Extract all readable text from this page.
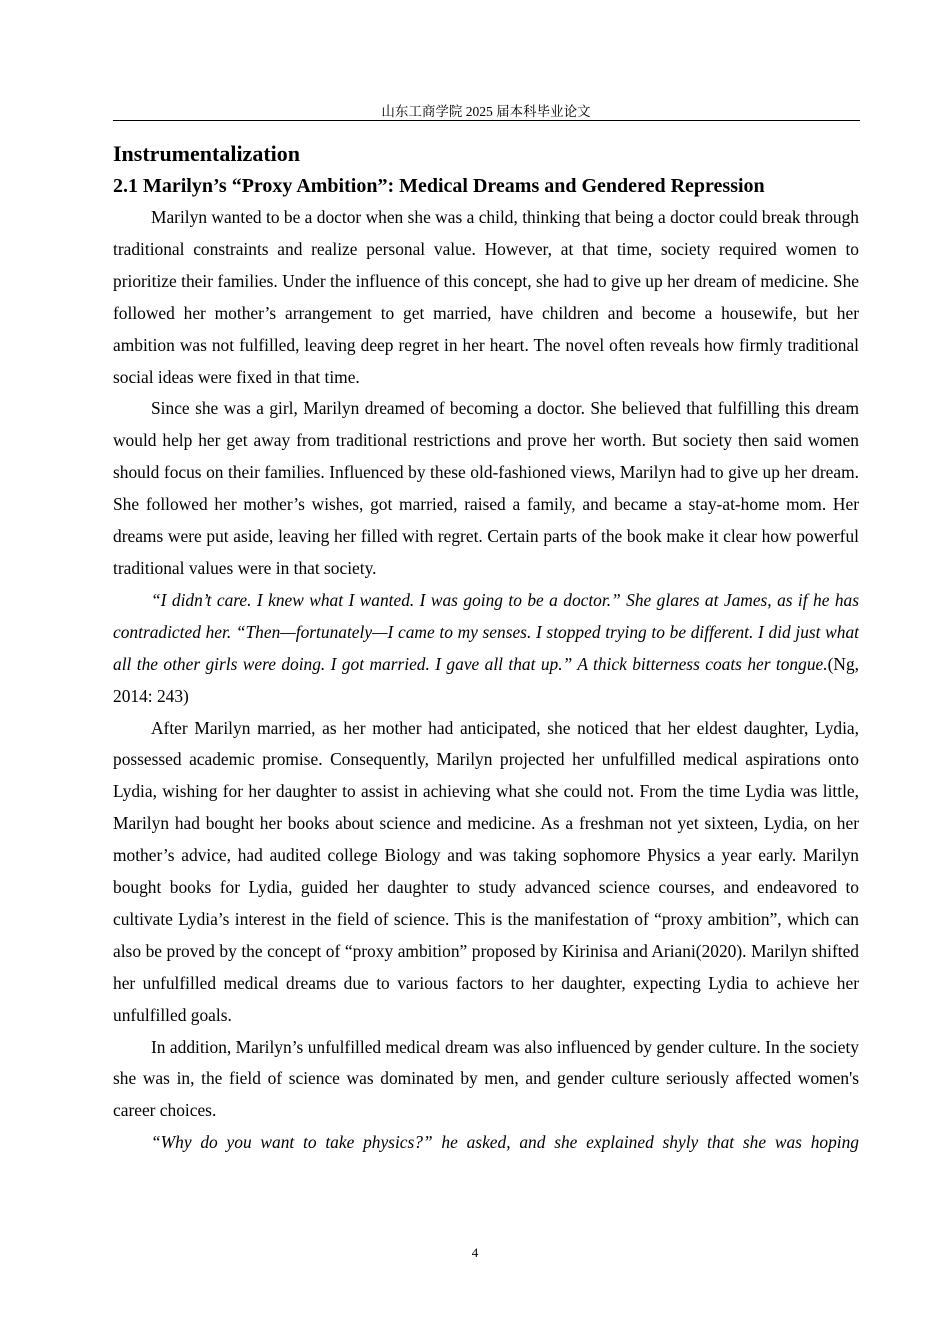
山东工商学院 2025 届本科毕业论文
Instrumentalization
2.1 Marilyn’s “Proxy Ambition”: Medical Dreams and Gendered Repression

Marilyn wanted to be a doctor when she was a child, thinking that being a doctor could break through traditional constraints and realize personal value. However, at that time, society required women to prioritize their families. Under the influence of this concept, she had to give up her dream of medicine. She followed her mother’s arrangement to get married, have children and become a housewife, but her ambition was not fulfilled, leaving deep regret in her heart. The novel often reveals how firmly traditional social ideas were fixed in that time.

Since she was a girl, Marilyn dreamed of becoming a doctor. She believed that fulfilling this dream would help her get away from traditional restrictions and prove her worth. But society then said women should focus on their families. Influenced by these old-fashioned views, Marilyn had to give up her dream. She followed her mother’s wishes, got married, raised a family, and became a stay-at-home mom. Her dreams were put aside, leaving her filled with regret. Certain parts of the book make it clear how powerful traditional values were in that society.

“I didn’t care. I knew what I wanted. I was going to be a doctor.” She glares at James, as if he has contradicted her. “Then—fortunately—I came to my senses. I stopped trying to be different. I did just what all the other girls were doing. I got married. I gave all that up.” A thick bitterness coats her tongue.(Ng, 2014: 243)

After Marilyn married, as her mother had anticipated, she noticed that her eldest daughter, Lydia, possessed academic promise. Consequently, Marilyn projected her unfulfilled medical aspirations onto Lydia, wishing for her daughter to assist in achieving what she could not. From the time Lydia was little, Marilyn had bought her books about science and medicine. As a freshman not yet sixteen, Lydia, on her mother’s advice, had audited college Biology and was taking sophomore Physics a year early. Marilyn bought books for Lydia, guided her daughter to study advanced science courses, and endeavored to cultivate Lydia’s interest in the field of science. This is the manifestation of “proxy ambition”, which can also be proved by the concept of “proxy ambition” proposed by Kirinisa and Ariani(2020). Marilyn shifted her unfulfilled medical dreams due to various factors to her daughter, expecting Lydia to achieve her unfulfilled goals.

In addition, Marilyn’s unfulfilled medical dream was also influenced by gender culture. In the society she was in, the field of science was dominated by men, and gender culture seriously affected women's career choices.

“Why do you want to take physics?” he asked, and she explained shyly that she was hoping

4
